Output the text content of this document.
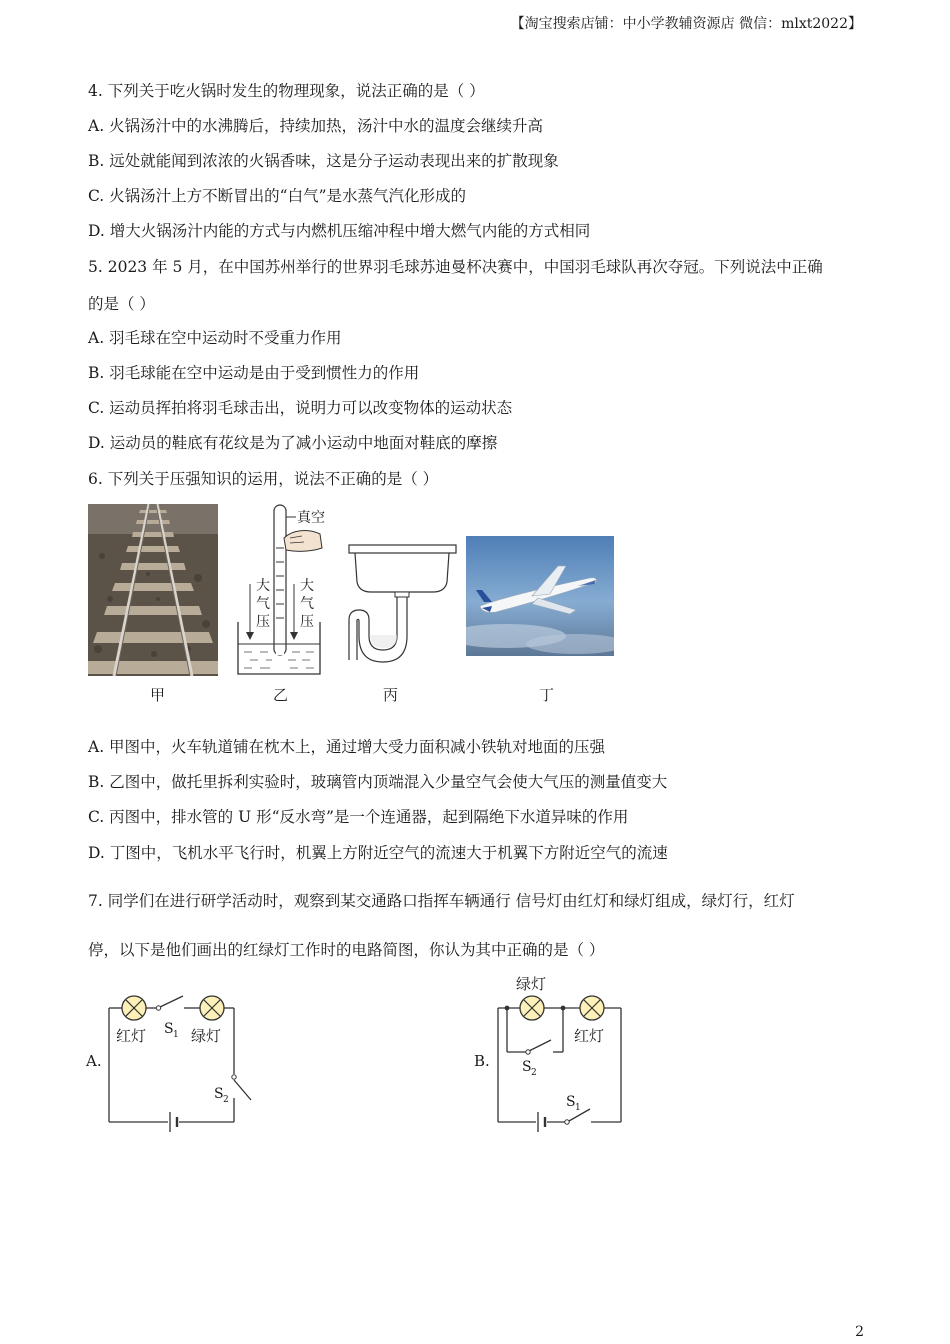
【淘宝搜索店铺：中小学教辅资源店 微信：mlxt2022】
4. 下列关于吃火锅时发生的物理现象，说法正确的是（ ）
A. 火锅汤汁中的水沸腾后，持续加热，汤汁中水的温度会继续升高
B. 远处就能闻到浓浓的火锅香味，这是分子运动表现出来的扩散现象
C. 火锅汤汁上方不断冒出的“白气”是水蒸气汽化形成的
D. 增大火锅汤汁内能的方式与内燃机压缩冲程中增大燃气内能的方式相同
5. 2023 年 5 月，在中国苏州举行的世界羽毛球苏迪曼杯决赛中，中国羽毛球队再次夺冠。下列说法中正确
的是（ ）
A. 羽毛球在空中运动时不受重力作用
B. 羽毛球能在空中运动是由于受到惯性力的作用
C. 运动员挥拍将羽毛球击出，说明力可以改变物体的运动状态
D. 运动员的鞋底有花纹是为了减小运动中地面对鞋底的摩擦
6. 下列关于压强知识的运用，说法不正确的是（ ）
真空
大
气
压
大
气
压
甲	乙	丙	丁
A. 甲图中，火车轨道铺在枕木上，通过增大受力面积减小铁轨对地面的压强
B. 乙图中，做托里拆利实验时，玻璃管内顶端混入少量空气会使大气压的测量值变大
C. 丙图中，排水管的 U 形“反水弯”是一个连通器，起到隔绝下水道异味的作用
D. 丁图中，飞机水平飞行时，机翼上方附近空气的流速大于机翼下方附近空气的流速
7. 同学们在进行研学活动时，观察到某交通路口指挥车辆通行 信号灯由红灯和绿灯组成，绿灯行，红灯
停，以下是他们画出的红绿灯工作时的电路简图，你认为其中正确的是（ ）
A.
红灯	绿灯
S 1
S 2
B.
绿灯
红灯
S 2
S 1
2
